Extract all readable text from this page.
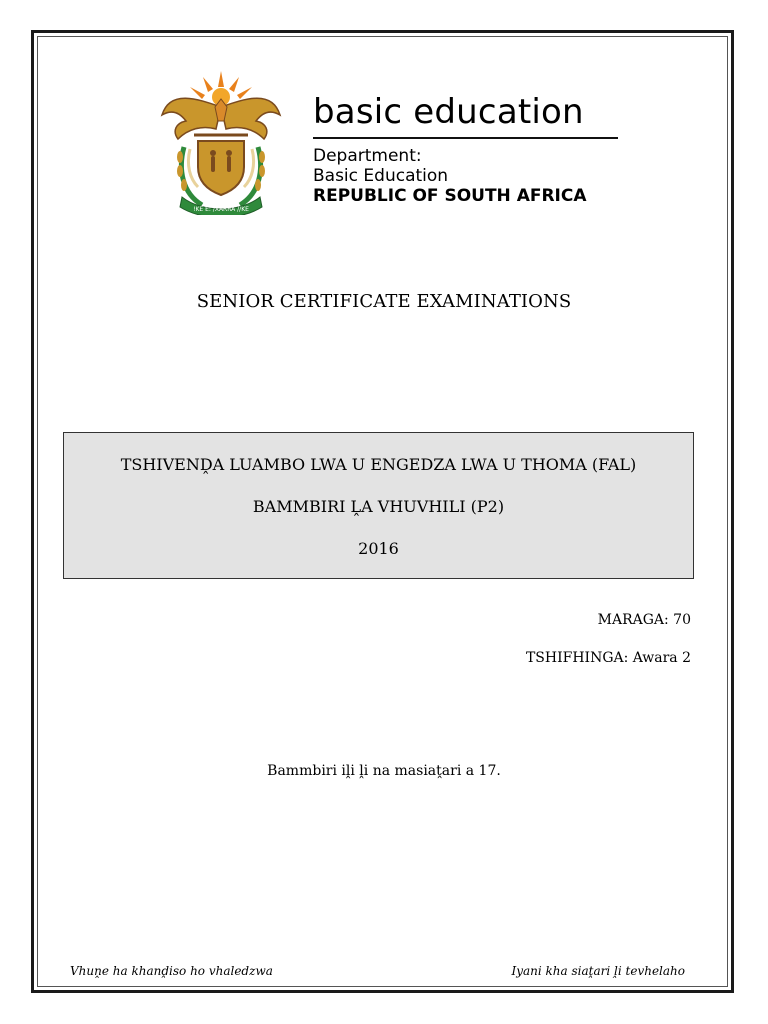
!KE E: /XARRA //KE
basic education
Department:
Basic Education
REPUBLIC OF SOUTH AFRICA
SENIOR CERTIFICATE EXAMINATIONS
TSHIVENḒA LUAMBO LWA U ENGEDZA LWA U THOMA (FAL)
BAMMBIRI ḼA VHUVHILI (P2)
2016
MARAGA: 70
TSHIFHINGA: Awara 2
Bammbiri iḽi ḽi na masiaṱari a 17.
Vhuṋe ha khanḓiso ho vhaledzwa	Iyani kha siaṱari ḽi tevhelaho
